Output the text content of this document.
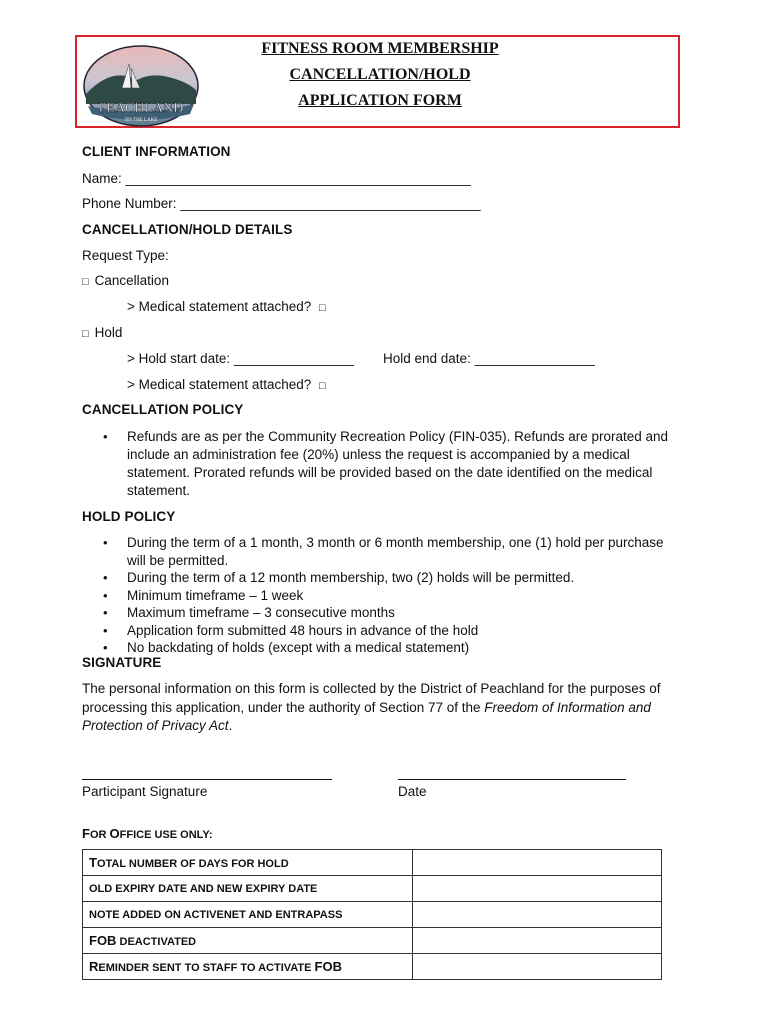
PEACHLAND
ON THE LAKE
FITNESS ROOM MEMBERSHIP
CANCELLATION/HOLD
APPLICATION FORM
CLIENT INFORMATION
Name: ______________________________________________
Phone Number: ________________________________________
CANCELLATION/HOLD DETAILS
Request Type:
□ Cancellation
> Medical statement attached? □
□ Hold
> Hold start date: ________________ Hold end date: ________________
> Medical statement attached? □
CANCELLATION POLICY
•	Refunds are as per the Community Recreation Policy (FIN-035). Refunds are prorated and include an administration fee (20%) unless the request is accompanied by a medical statement. Prorated refunds will be provided based on the date identified on the medical statement.
HOLD POLICY
•	During the term of a 1 month, 3 month or 6 month membership, one (1) hold per purchase will be permitted.
•	During the term of a 12 month membership, two (2) holds will be permitted.
•	Minimum timeframe – 1 week
•	Maximum timeframe – 3 consecutive months
•	Application form submitted 48 hours in advance of the hold
•	No backdating of holds (except with a medical statement)
SIGNATURE
The personal information on this form is collected by the District of Peachland for the purposes of processing this application, under the authority of Section 77 of the Freedom of Information and Protection of Privacy Act.
Participant Signature	Date
FOR OFFICE USE ONLY:
TOTAL NUMBER OF DAYS FOR HOLD	
OLD EXPIRY DATE AND NEW EXPIRY DATE	
NOTE ADDED ON ACTIVENET AND ENTRAPASS	
FOB DEACTIVATED	
REMINDER SENT TO STAFF TO ACTIVATE FOB	
